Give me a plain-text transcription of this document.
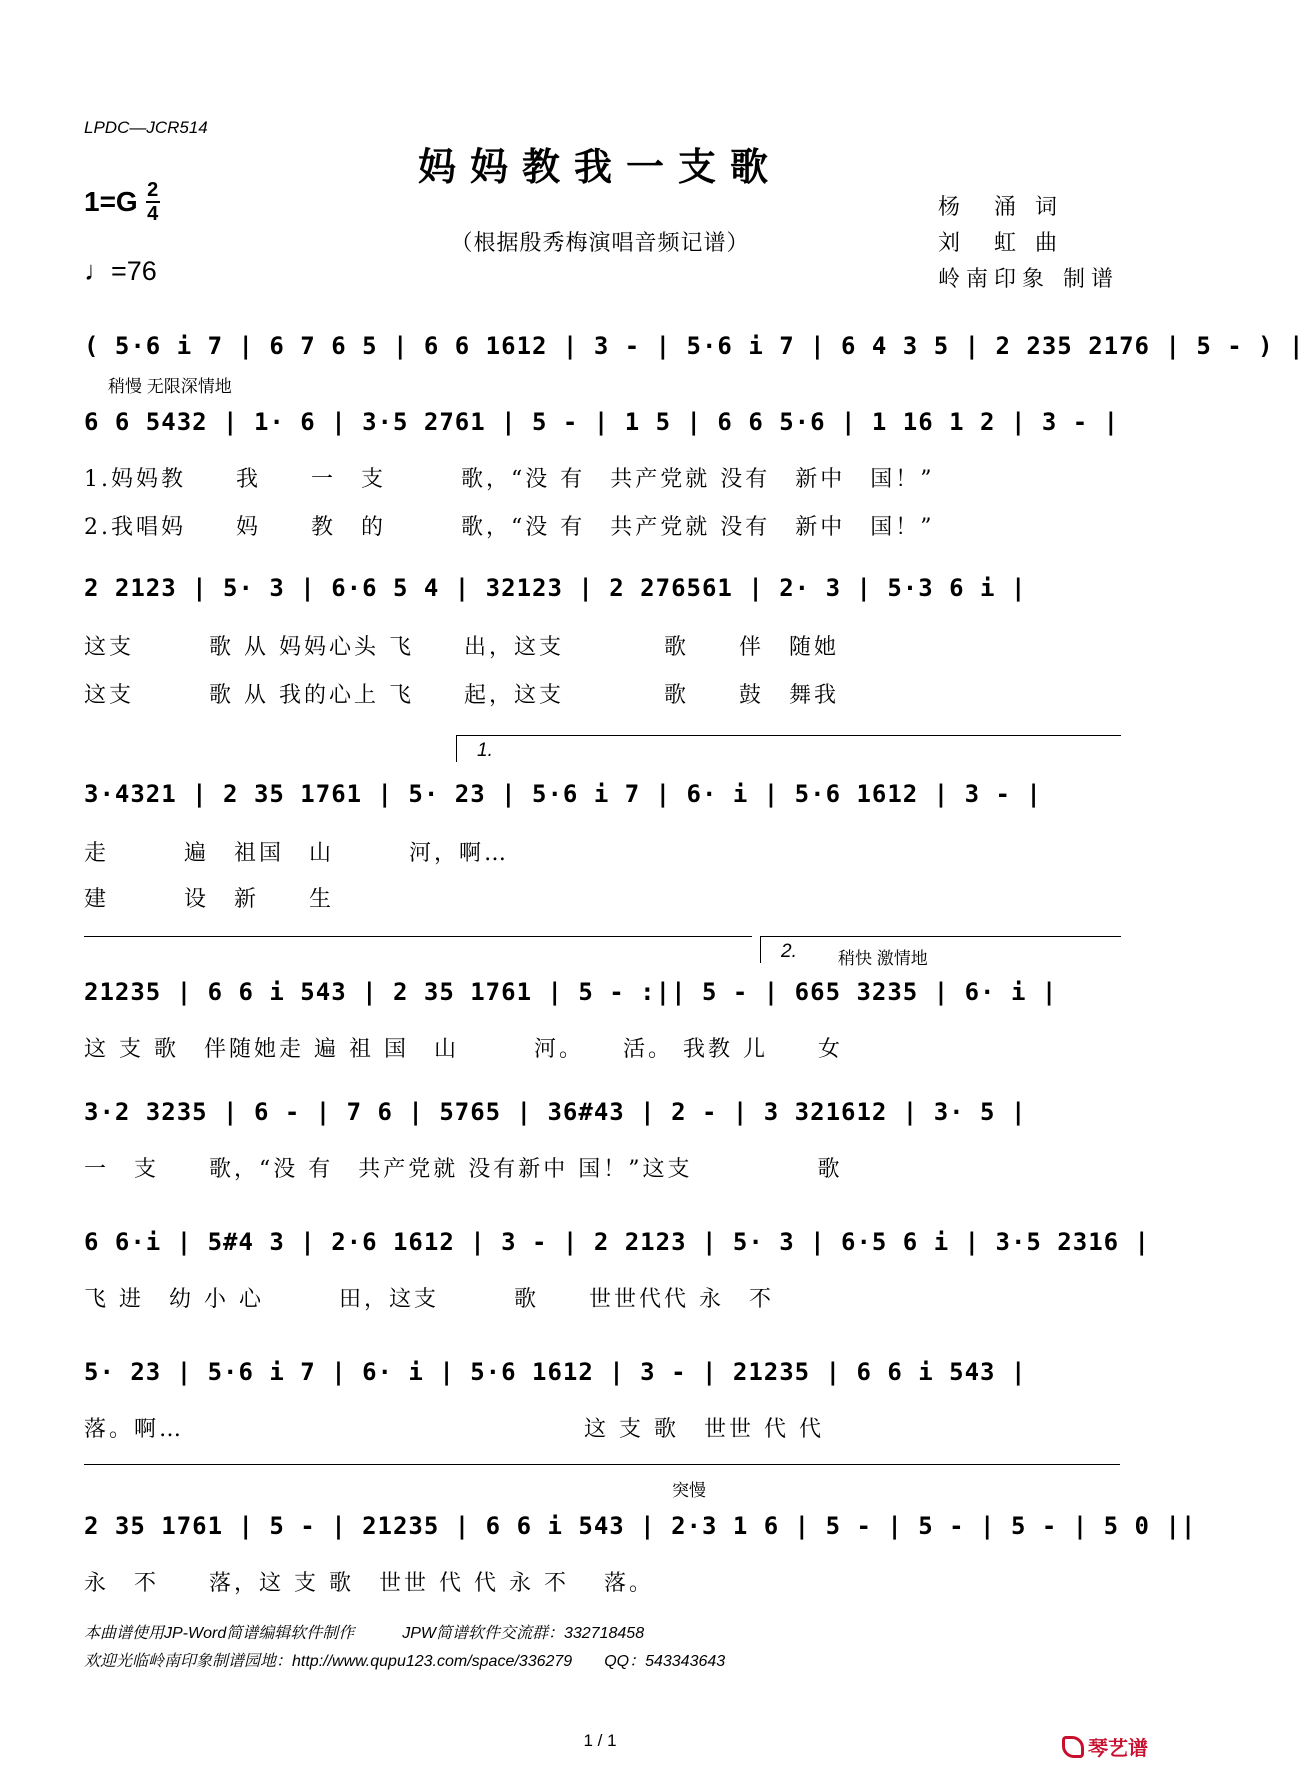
LPDC—JCR514
妈妈教我一支歌
（根据殷秀梅演唱音频记谱）
1=G 2
4
♩=76
杨　涌 词
刘　虹 曲
岭南印象 制谱
稍慢 无限深情地
稍快 激情地
突慢
1.
2.
( 5·6 i 7 | 6 7 6 5 | 6 6 1612 | 3 - | 5·6 i 7 | 6 4 3 5 | 2 235 2176 | 5 - ) |
6 6 5432 | 1· 6 | 3·5 2761 | 5 - | 1 5 | 6 6 5·6 | 1 16 1 2 | 3 - |
1.妈妈教　　我　　一　支　　　歌，“没 有　共产党就 没有　新中　国！”
2.我唱妈　　妈　　教　的　　　歌，“没 有　共产党就 没有　新中　国！”
2 2123 | 5· 3 | 6·6 5 4 | 32123 | 2 276561 | 2· 3 | 5·3 6 i |
这支　　　歌 从 妈妈心头 飞　　出，这支　　　　歌　　伴　随她
这支　　　歌 从 我的心上 飞　　起，这支　　　　歌　　鼓　舞我
3·4321 | 2 35 1761 | 5· 23 | 5·6 i 7 | 6· i | 5·6 1612 | 3 - |
走　　　遍　祖国　山　　　河，啊…
建　　　设　新　　生
21235 | 6 6 i 543 | 2 35 1761 | 5 - :|| 5 - | 665 3235 | 6· i |
这 支 歌　伴随她走 遍 祖 国　山　　　河。　　活。 我教 儿　　女
3·2 3235 | 6 - | 7 6 | 5765 | 36#43 | 2 - | 3 321612 | 3· 5 |
一　支　　歌，“没 有　共产党就 没有新中 国！”这支　　　　　歌
6 6·i | 5#4 3 | 2·6 1612 | 3 - | 2 2123 | 5· 3 | 6·5 6 i | 3·5 2316 |
飞 进　幼 小 心　　　田，这支　　　歌　　世世代代 永　不
5· 23 | 5·6 i 7 | 6· i | 5·6 1612 | 3 - | 21235 | 6 6 i 543 |
落。啊…　　　　　　　　　　　　　　　　这 支 歌　世世 代 代
2 35 1761 | 5 - | 21235 | 6 6 i 543 | 2·3 1 6 | 5 - | 5 - | 5 - | 5 0 ||
永　不　　落，这 支 歌　世世 代 代 永 不　 落。
本曲谱使用JP-Word简谱编辑软件制作　　　JPW简谱软件交流群：332718458
欢迎光临岭南印象制谱园地：http://www.qupu123.com/space/336279　　QQ：543343643
1 / 1	琴艺谱
